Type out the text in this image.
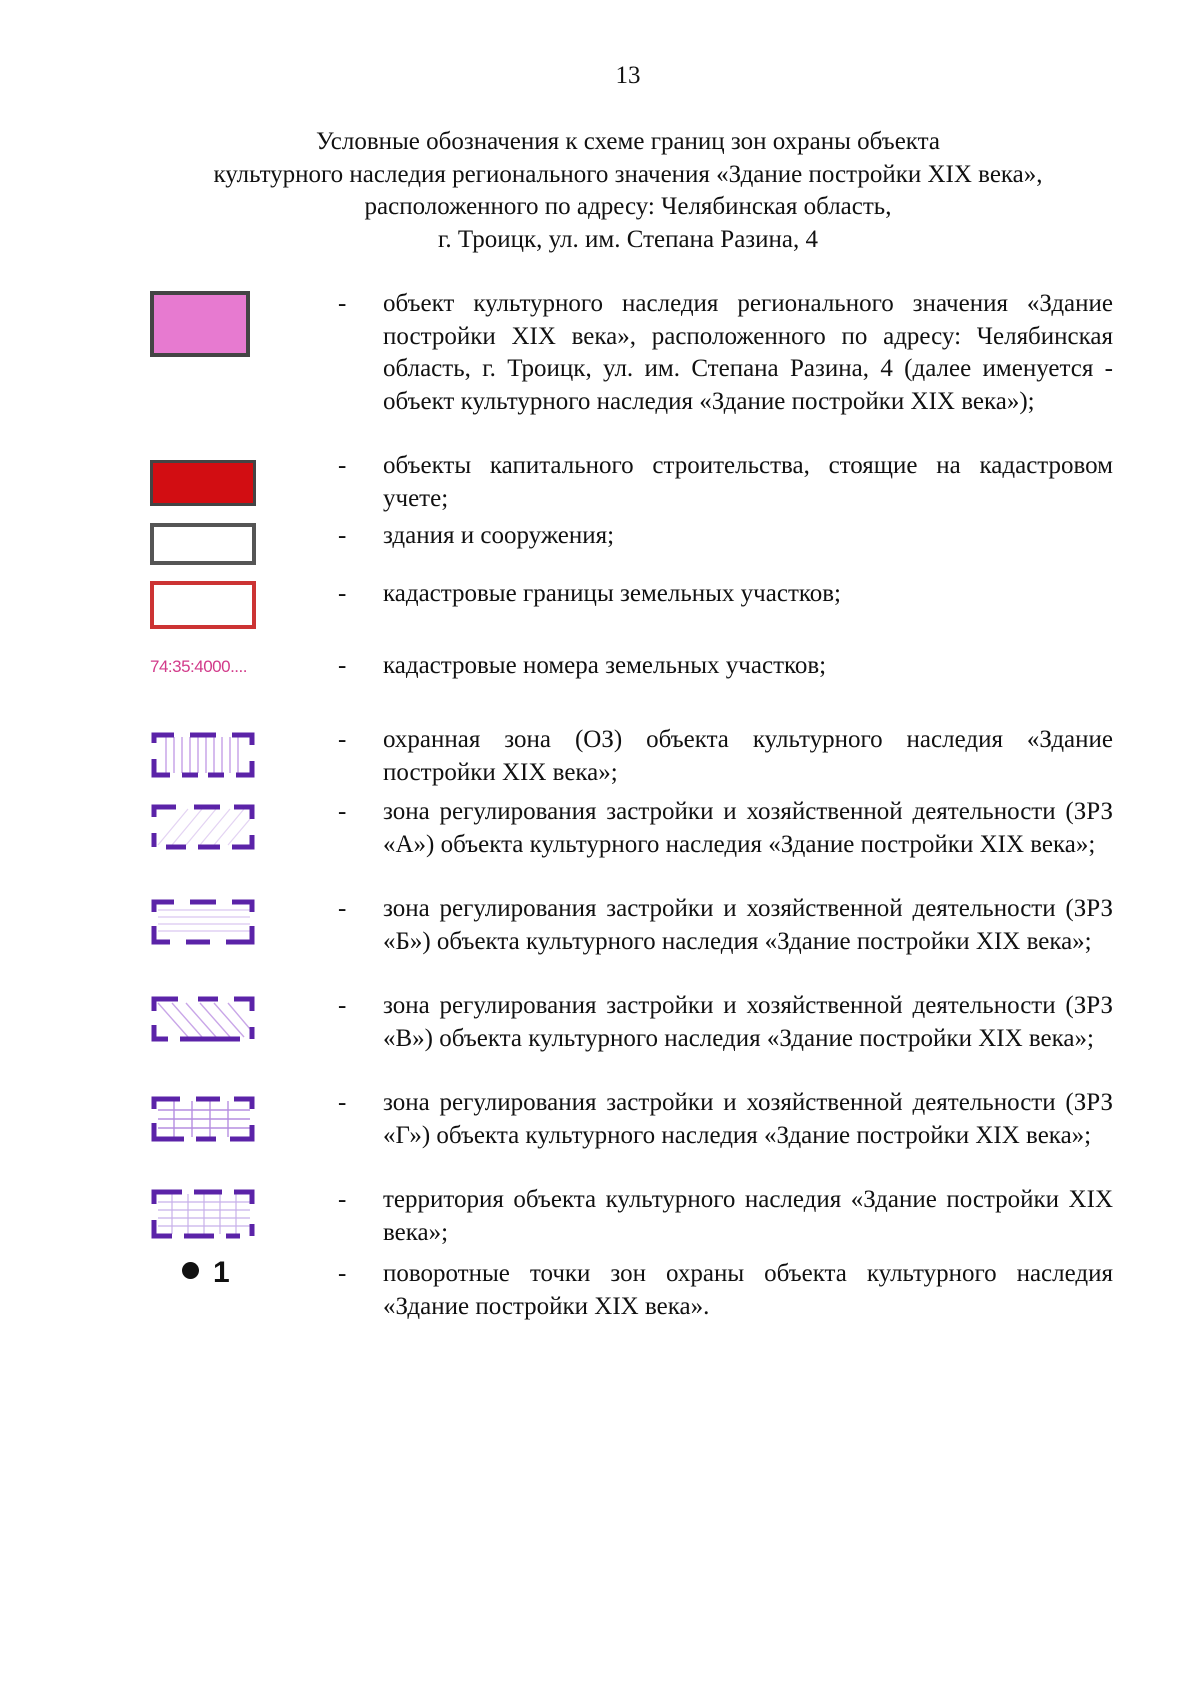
13
Условные обозначения к схеме границ зон охраны объекта
культурного наследия регионального значения «Здание постройки XIX века»,
расположенного по адресу: Челябинская область,
г. Троицк, ул. им. Степана Разина, 4
- объект культурного наследия регионального значения «Здание постройки XIX века», расположенного по адресу: Челябинская область, г. Троицк, ул. им. Степана Разина, 4 (далее именуется - объект культурного наследия «Здание постройки XIX века»);
- объекты капитального строительства, стоящие на кадастровом учете;
- здания и сооружения;
- кадастровые границы земельных участков;
74:35:4000....	- кадастровые номера земельных участков;
- охранная зона (ОЗ) объекта культурного наследия «Здание постройки XIX века»;
- зона регулирования застройки и хозяйственной деятельности (ЗРЗ «А») объекта культурного наследия «Здание постройки XIX века»;
- зона регулирования застройки и хозяйственной деятельности (ЗРЗ «Б») объекта культурного наследия «Здание постройки XIX века»;
- зона регулирования застройки и хозяйственной деятельности (ЗРЗ «В») объекта культурного наследия «Здание постройки XIX века»;
- зона регулирования застройки и хозяйственной деятельности (ЗРЗ «Г») объекта культурного наследия «Здание постройки XIX века»;
- территория объекта культурного наследия «Здание постройки XIX века»;
1	- поворотные точки зон охраны объекта культурного наследия «Здание постройки XIX века».
